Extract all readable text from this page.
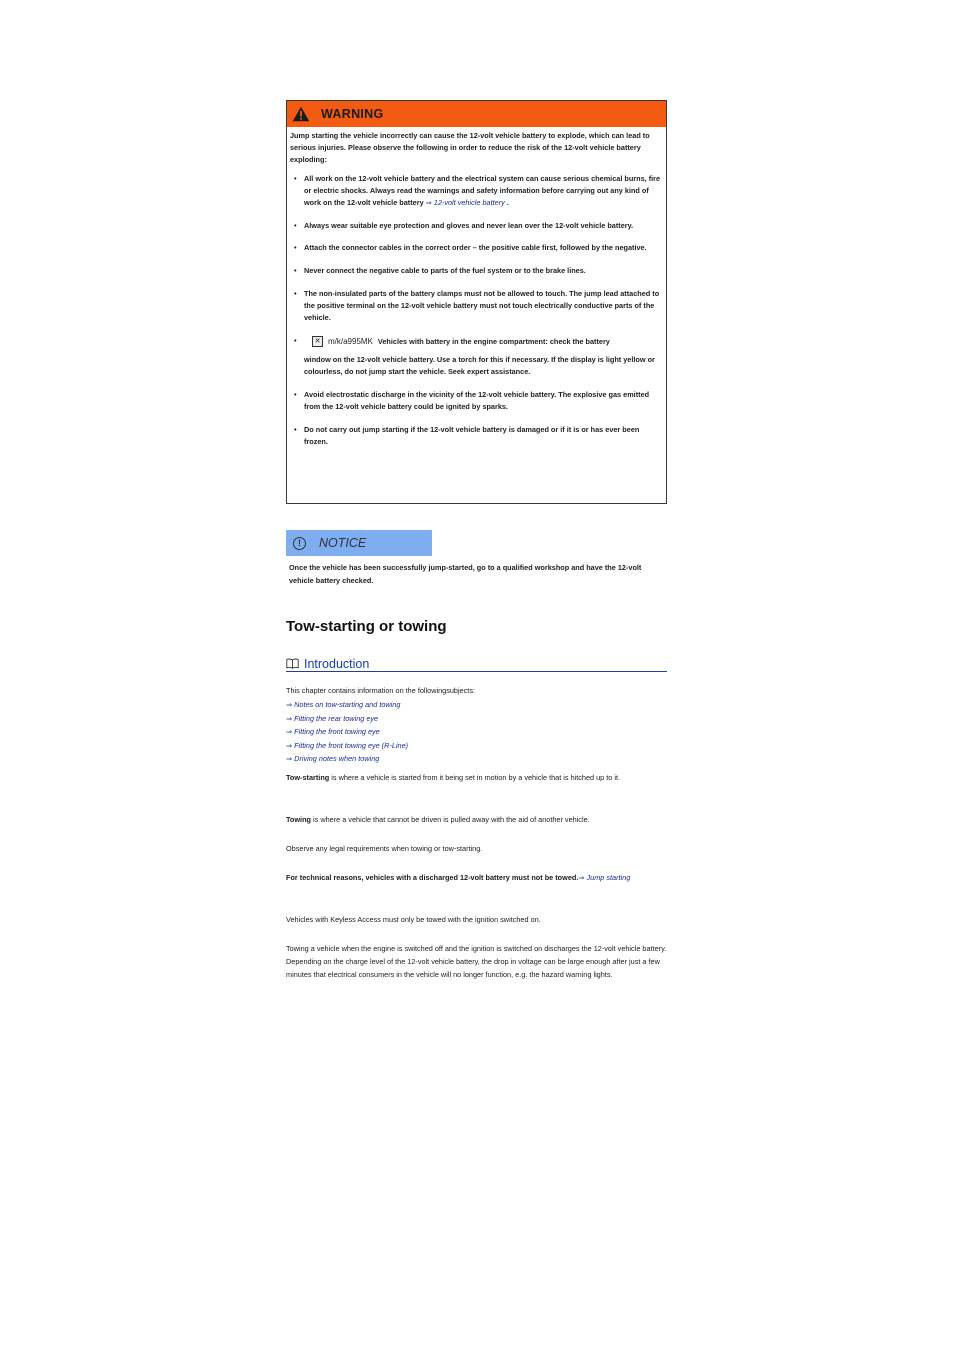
WARNING

Jump starting the vehicle incorrectly can cause the 12-volt vehicle battery to explode, which can lead to serious injuries. Please observe the following in order to reduce the risk of the 12-volt vehicle battery exploding:

• All work on the 12-volt vehicle battery and the electrical system can cause serious chemical burns, fire or electric shocks. Always read the warnings and safety information before carrying out any kind of work on the 12-volt vehicle battery ⇒ 12-volt vehicle battery .
• Always wear suitable eye protection and gloves and never lean over the 12-volt vehicle battery.
• Attach the connector cables in the correct order – the positive cable first, followed by the negative.
• Never connect the negative cable to parts of the fuel system or to the brake lines.
• The non-insulated parts of the battery clamps must not be allowed to touch. The jump lead attached to the positive terminal on the 12-volt vehicle battery must not touch electrically conductive parts of the vehicle.
• ✕ m/k/a995MK Vehicles with battery in the engine compartment: check the battery
window on the 12-volt vehicle battery. Use a torch for this if necessary. If the display is light yellow or colourless, do not jump start the vehicle. Seek expert assistance.
• Avoid electrostatic discharge in the vicinity of the 12-volt vehicle battery. The explosive gas emitted from the 12-volt vehicle battery could be ignited by sparks.
• Do not carry out jump starting if the 12-volt vehicle battery is damaged or if it is or has ever been frozen.
!	NOTICE
Once the vehicle has been successfully jump-started, go to a qualified workshop and have the 12-volt vehicle battery checked.
Tow-starting or towing
Introduction
This chapter contains information on the followingsubjects:
⇒ Notes on tow-starting and towing
⇒ Fitting the rear towing eye
⇒ Fitting the front towing eye
⇒ Fitting the front towing eye (R-Line)
⇒ Driving notes when towing
Tow-starting is where a vehicle is started from it being set in motion by a vehicle that is hitched up to it.
Towing is where a vehicle that cannot be driven is pulled away with the aid of another vehicle.
Observe any legal requirements when towing or tow-starting.
For technical reasons, vehicles with a discharged 12-volt battery must not be towed.⇒ Jump starting
Vehicles with Keyless Access must only be towed with the ignition switched on.
Towing a vehicle when the engine is switched off and the ignition is switched on discharges the 12-volt vehicle battery. Depending on the charge level of the 12-volt vehicle battery, the drop in voltage can be large enough after just a few minutes that electrical consumers in the vehicle will no longer function, e.g. the hazard warning lights.
